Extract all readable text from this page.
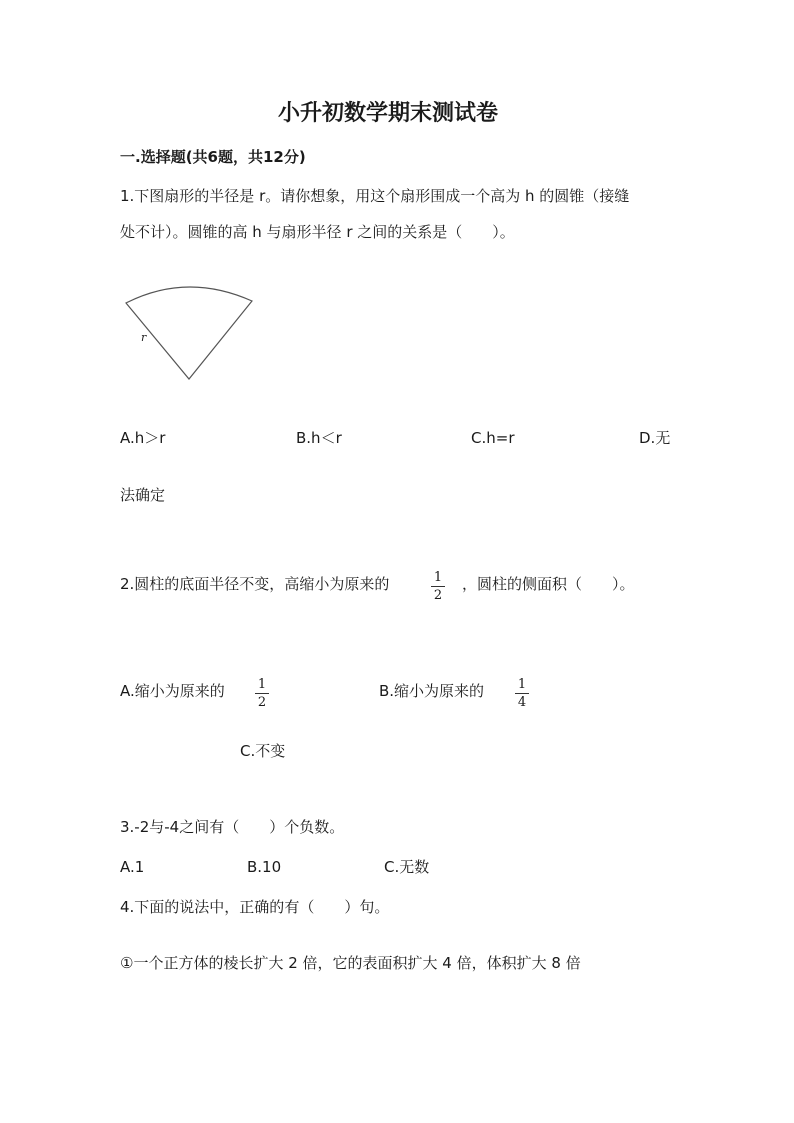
小升初数学期末测试卷
一.选择题(共6题，共12分)
1.下图扇形的半径是 r。请你想象，用这个扇形围成一个高为 h 的圆锥（接缝
处不计）。圆锥的高 h 与扇形半径 r 之间的关系是（　　）。
r
A.h＞r	B.h＜r	C.h=r	D.无
法确定
2.圆柱的底面半径不变，高缩小为原来的	1
2
，圆柱的侧面积（　　）。
A.缩小为原来的	1
2
B.缩小为原来的	1
4
C.不变
3.-2与-4之间有（　　）个负数。
A.1	B.10	C.无数
4.下面的说法中，正确的有（　　）句。
①一个正方体的棱长扩大 2 倍，它的表面积扩大 4 倍，体积扩大 8 倍
